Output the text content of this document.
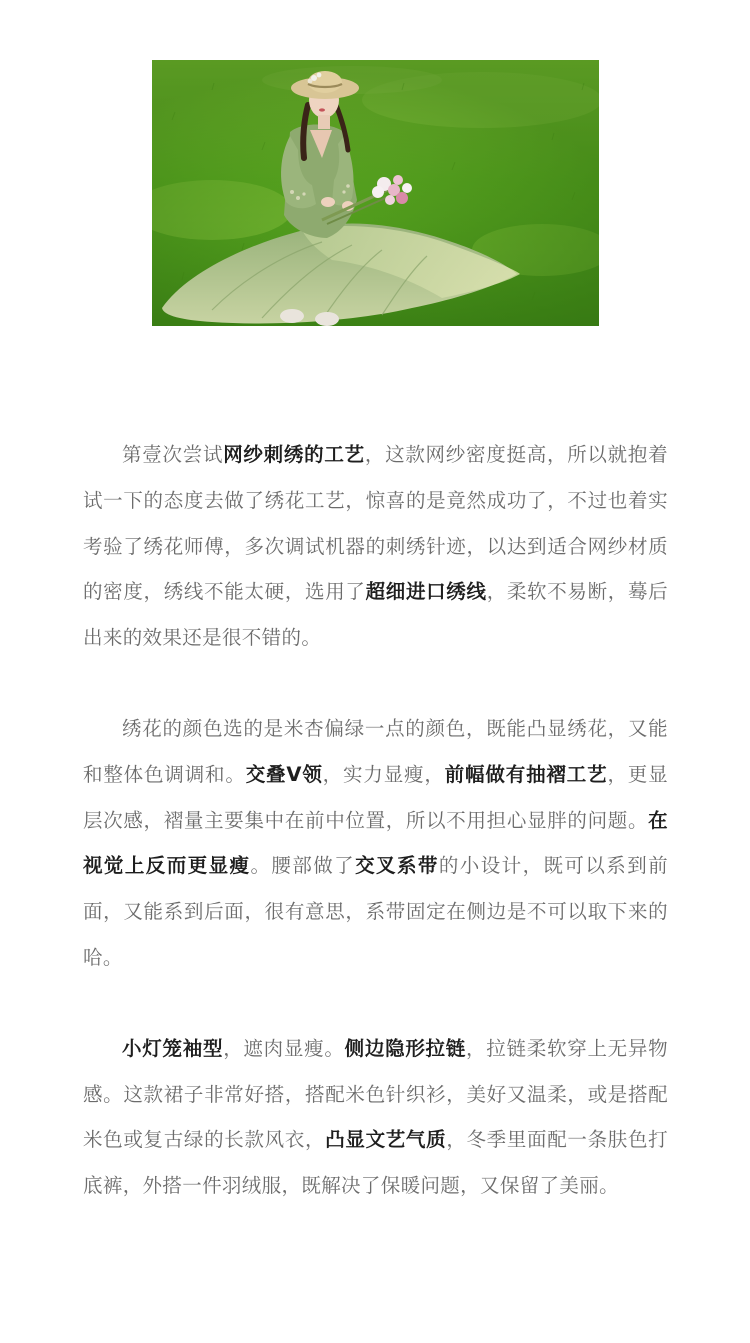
第壹次尝试网纱刺绣的工艺，这款网纱密度挺高，所以就抱着试一下的态度去做了绣花工艺，惊喜的是竟然成功了，不过也着实考验了绣花师傅，多次调试机器的刺绣针迹，以达到适合网纱材质的密度，绣线不能太硬，选用了超细进口绣线，柔软不易断，蓦后出来的效果还是很不错的。

绣花的颜色选的是米杏偏绿一点的颜色，既能凸显绣花，又能和整体色调调和。交叠V领，实力显瘦，前幅做有抽褶工艺，更显层次感，褶量主要集中在前中位置，所以不用担心显胖的问题。在视觉上反而更显瘦。腰部做了交叉系带的小设计，既可以系到前面，又能系到后面，很有意思，系带固定在侧边是不可以取下来的哈。

小灯笼袖型，遮肉显瘦。侧边隐形拉链，拉链柔软穿上无异物感。这款裙子非常好搭，搭配米色针织衫，美好又温柔，或是搭配米色或复古绿的长款风衣，凸显文艺气质，冬季里面配一条肤色打底裤，外搭一件羽绒服，既解决了保暖问题，又保留了美丽。
